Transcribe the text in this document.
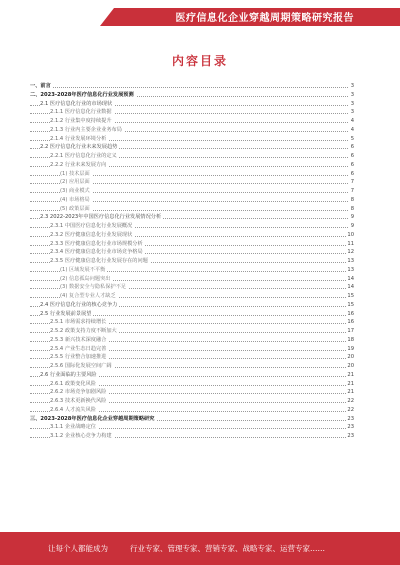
医疗信息化企业穿越周期策略研究报告
内容目录
一、前言	3
二、2023-2028年医疗信息化行业发展预测	3
2.1 医疗信息化行业的市场现状	3
2.1.1 医疗信息化行业数据	3
2.1.2 行业集中度持续提升	4
2.1.3 行业内主要企业业务布局	4
2.1.4 行业发展环境分析	5
2.2 医疗信息化行业未来发展趋势	6
2.2.1 医疗信息化行业的定义	6
2.2.2 行业未来发展方向	6
(1) 技术层面	6
(2) 应用层面	7
(3) 商业模式	7
(4) 市场格局	8
(5) 政策层面	8
2.3 2022-2023年中国医疗信息化行业发展情况分析	9
2.3.1 中国医疗信息化行业发展概况	9
2.3.2 医疗健康信息化行业发展现状	10
2.3.3 医疗健康信息化行业市场规模分析	11
2.3.4 医疗健康信息化行业市场竞争格局	12
2.3.5 医疗健康信息化行业发展存在的问题	13
(1) 区域发展不平衡	13
(2) 信息孤岛问题突出	14
(3) 数据安全与隐私保护不足	14
(4) 复合型专业人才缺乏	15
2.4 医疗信息化行业的核心竞争力	15
2.5 行业发展前景展望	16
2.5.1 市场需求持续增长	16
2.5.2 政策支持力度不断加大	17
2.5.3 新兴技术深度融合	18
2.5.4 产业生态日趋完善	19
2.5.5 行业整合加速推进	20
2.5.6 国际化发展空间广阔	20
2.6 行业面临的主要风险	21
2.6.1 政策变化风险	21
2.6.2 市场竞争加剧风险	21
2.6.3 技术更新换代风险	22
2.6.4 人才流失风险	22
三、2023-2028年医疗信息化企业穿越周期策略研究	23
3.1.1 企业战略定位	23
3.1.2 企业核心竞争力构建	23
让每个人都能成为	行业专家、管理专家、营销专家、战略专家、运营专家……
